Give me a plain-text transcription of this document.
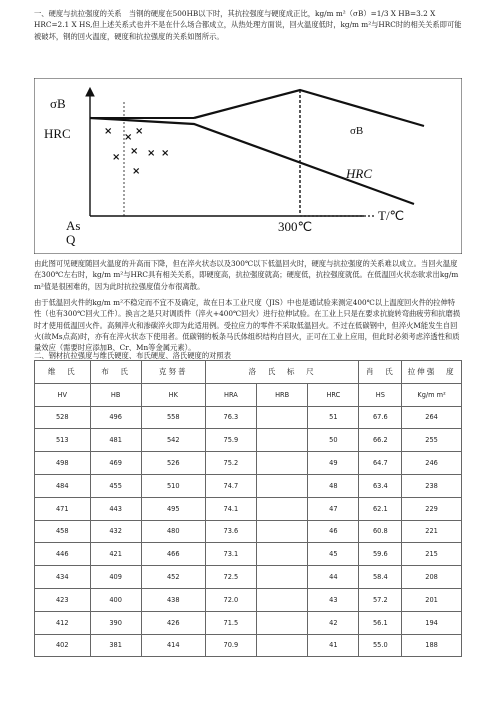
一、硬度与抗拉强度的关系　当钢的硬度在500HB以下时，其抗拉强度与硬度成正比，kg/m m²（σB）=1/3 X HB=3.2 X HRC=2.1 X HS,但上述关系式也并不是在什么场合都成立，从热处理方面说，回火温度低时，kg/m m²与HRC时的相关关系即可能被破坏，钢的回火温度，硬度和抗拉强度的关系如图所示。

σB
HRC	σB
HRC
As
Q
300℃
T/℃
×
×
×
×
×	× ×
×

由此图可见硬度随回火温度的升高而下降，但在淬火状态以及300℃以下低温回火时，硬度与抗拉强度的关系难以成立。当回火温度在300℃左右时，kg/m m²与HRC具有相关关系，即硬度高，抗拉强度就高；硬度低，抗拉强度就低。在低温回火状态欲求出kg/m m²值是很困难的，因为此时抗拉强度值分布很离散。

由于低温回火件的kg/m m²不稳定而不宜不及确定，故在日本工业尺度（JIS）中也是通试验来测定400℃以上温度回火件的拉伸特性（也有300℃回火工件）。换言之是只对调质件（淬火+400℃回火）进行拉伸试验。在工业上只是在要求抗旋转弯曲疲劳和抗磨损时才使用低温回火件。高频淬火和渗碳淬火即为此适用例。受拉应力的零件不采取低温回火。不过在低碳钢中，但淬火M能发生自回火(故Ms点高)时，亦有在淬火状态下使用者。低碳钢的板条马氏体组织结构自回火，正可在工业上应用，但此时必须考虑淬透性和质量效应（需要时应添加B、Cr、Mn等金属元素）。

二、钢材抗拉强度与维氏硬度、布氏硬度、洛氏硬度的对照表

维　氏	布　氏	克努普	洛　氏　标　尺			肖　氏	拉伸强　度
HV	HB	HK	HRA	HRB	HRC	HS	Kg/m m²
528	496	558	76.3		51	67.6	264
513	481	542	75.9		50	66.2	255
498	469	526	75.2		49	64.7	246
484	455	510	74.7		48	63.4	238
471	443	495	74.1		47	62.1	229
458	432	480	73.6		46	60.8	221
446	421	466	73.1		45	59.6	215
434	409	452	72.5		44	58.4	208
423	400	438	72.0		43	57.2	201
412	390	426	71.5		42	56.1	194
402	381	414	70.9		41	55.0	188
